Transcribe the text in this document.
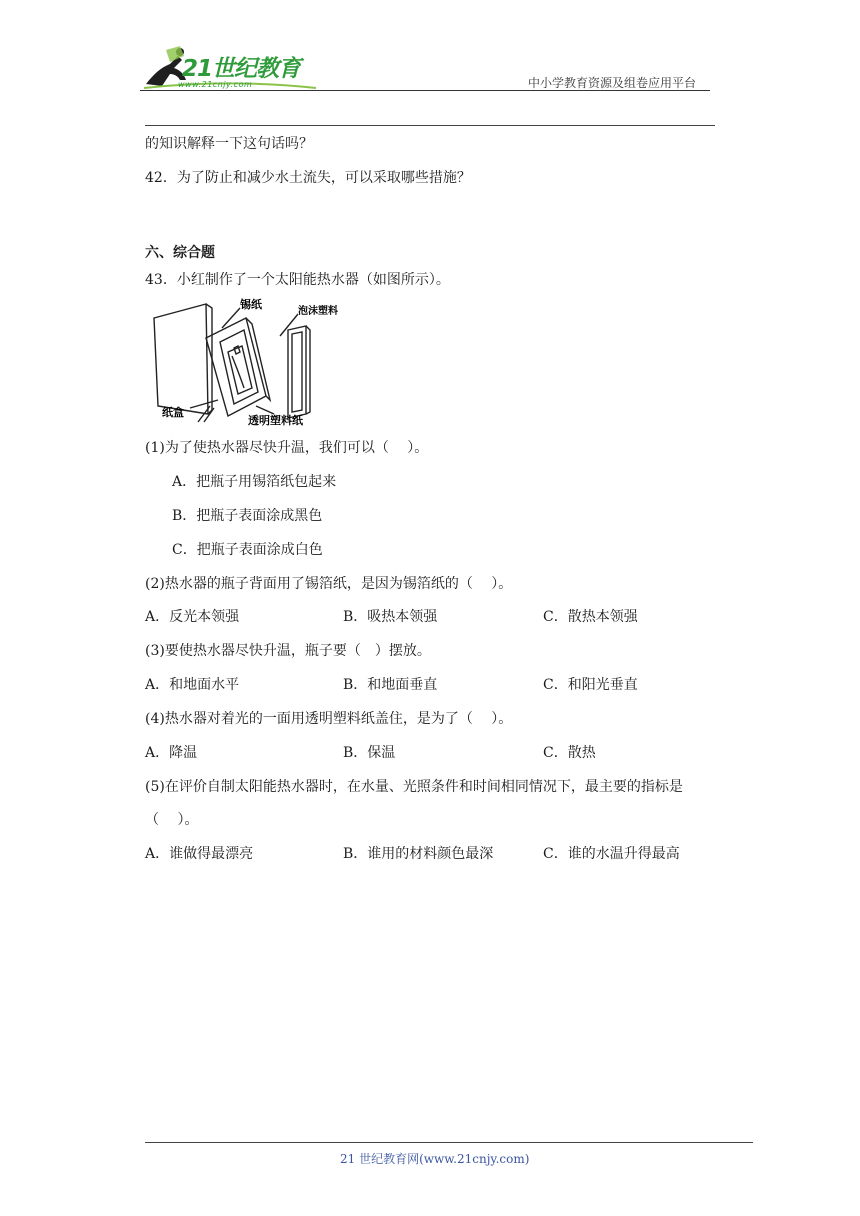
21世纪教育
www.21cnjy.com	中小学教育资源及组卷应用平台
的知识解释一下这句话吗？
42．为了防止和减少水土流失，可以采取哪些措施？
六、综合题
43．小红制作了一个太阳能热水器（如图所示）。
锡纸
泡沫塑料
纸盒
透明塑料纸
(1)为了使热水器尽快升温，我们可以（　 ）。
A．把瓶子用锡箔纸包起来
B．把瓶子表面涂成黑色
C．把瓶子表面涂成白色
(2)热水器的瓶子背面用了锡箔纸，是因为锡箔纸的（　 ）。
A．反光本领强	B．吸热本领强	C．散热本领强
(3)要使热水器尽快升温，瓶子要（　）摆放。
A．和地面水平	B．和地面垂直	C．和阳光垂直
(4)热水器对着光的一面用透明塑料纸盖住，是为了（　 ）。
A．降温	B．保温	C．散热
(5)在评价自制太阳能热水器时，在水量、光照条件和时间相同情况下，最主要的指标是
（　 ）。
A．谁做得最漂亮	B．谁用的材料颜色最深	C．谁的水温升得最高
21 世纪教育网(www.21cnjy.com)
